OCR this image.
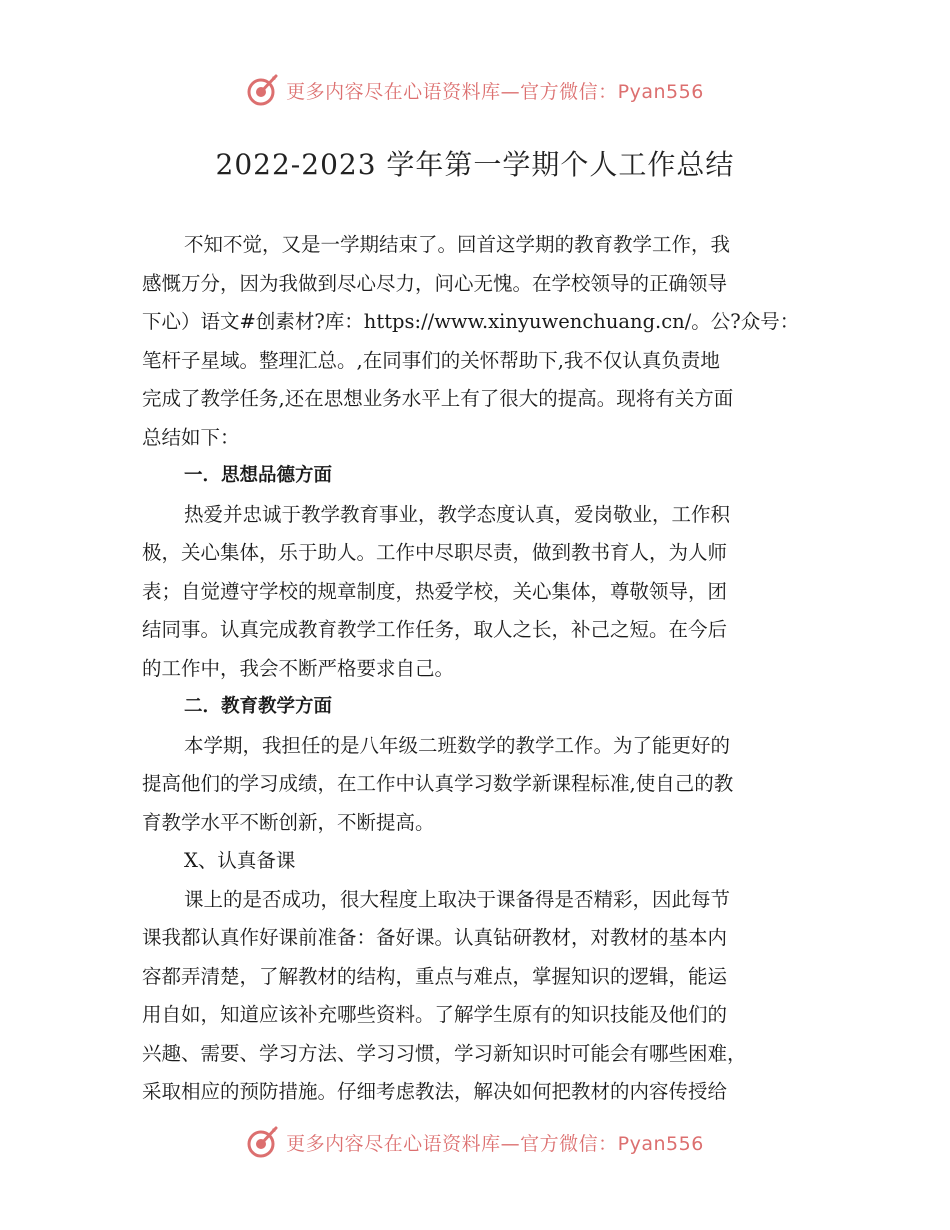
更多内容尽在心语资料库—官方微信：Pyan556
2022-2023 学年第一学期个人工作总结

不知不觉，又是一学期结束了。回首这学期的教育教学工作，我

感慨万分，因为我做到尽心尽力，问心无愧。在学校领导的正确领导

下心）语文#创素材?库：https://www.xinyuwenchuang.cn/。公?众号：

笔杆子星域。整理汇总。,在同事们的关怀帮助下,我不仅认真负责地

完成了教学任务,还在思想业务水平上有了很大的提高。现将有关方面

总结如下：

一．思想品德方面

热爱并忠诚于教学教育事业，教学态度认真，爱岗敬业，工作积

极，关心集体，乐于助人。工作中尽职尽责，做到教书育人，为人师

表；自觉遵守学校的规章制度，热爱学校，关心集体，尊敬领导，团

结同事。认真完成教育教学工作任务，取人之长，补己之短。在今后

的工作中，我会不断严格要求自己。

二．教育教学方面

本学期，我担任的是八年级二班数学的教学工作。为了能更好的

提高他们的学习成绩，在工作中认真学习数学新课程标准,使自己的教

育教学水平不断创新，不断提高。

X、认真备课

课上的是否成功，很大程度上取决于课备得是否精彩，因此每节

课我都认真作好课前准备：备好课。认真钻研教材，对教材的基本内

容都弄清楚，了解教材的结构，重点与难点，掌握知识的逻辑，能运

用自如，知道应该补充哪些资料。了解学生原有的知识技能及他们的

兴趣、需要、学习方法、学习习惯，学习新知识时可能会有哪些困难，

采取相应的预防措施。仔细考虑教法，解决如何把教材的内容传授给

更多内容尽在心语资料库—官方微信：Pyan556
